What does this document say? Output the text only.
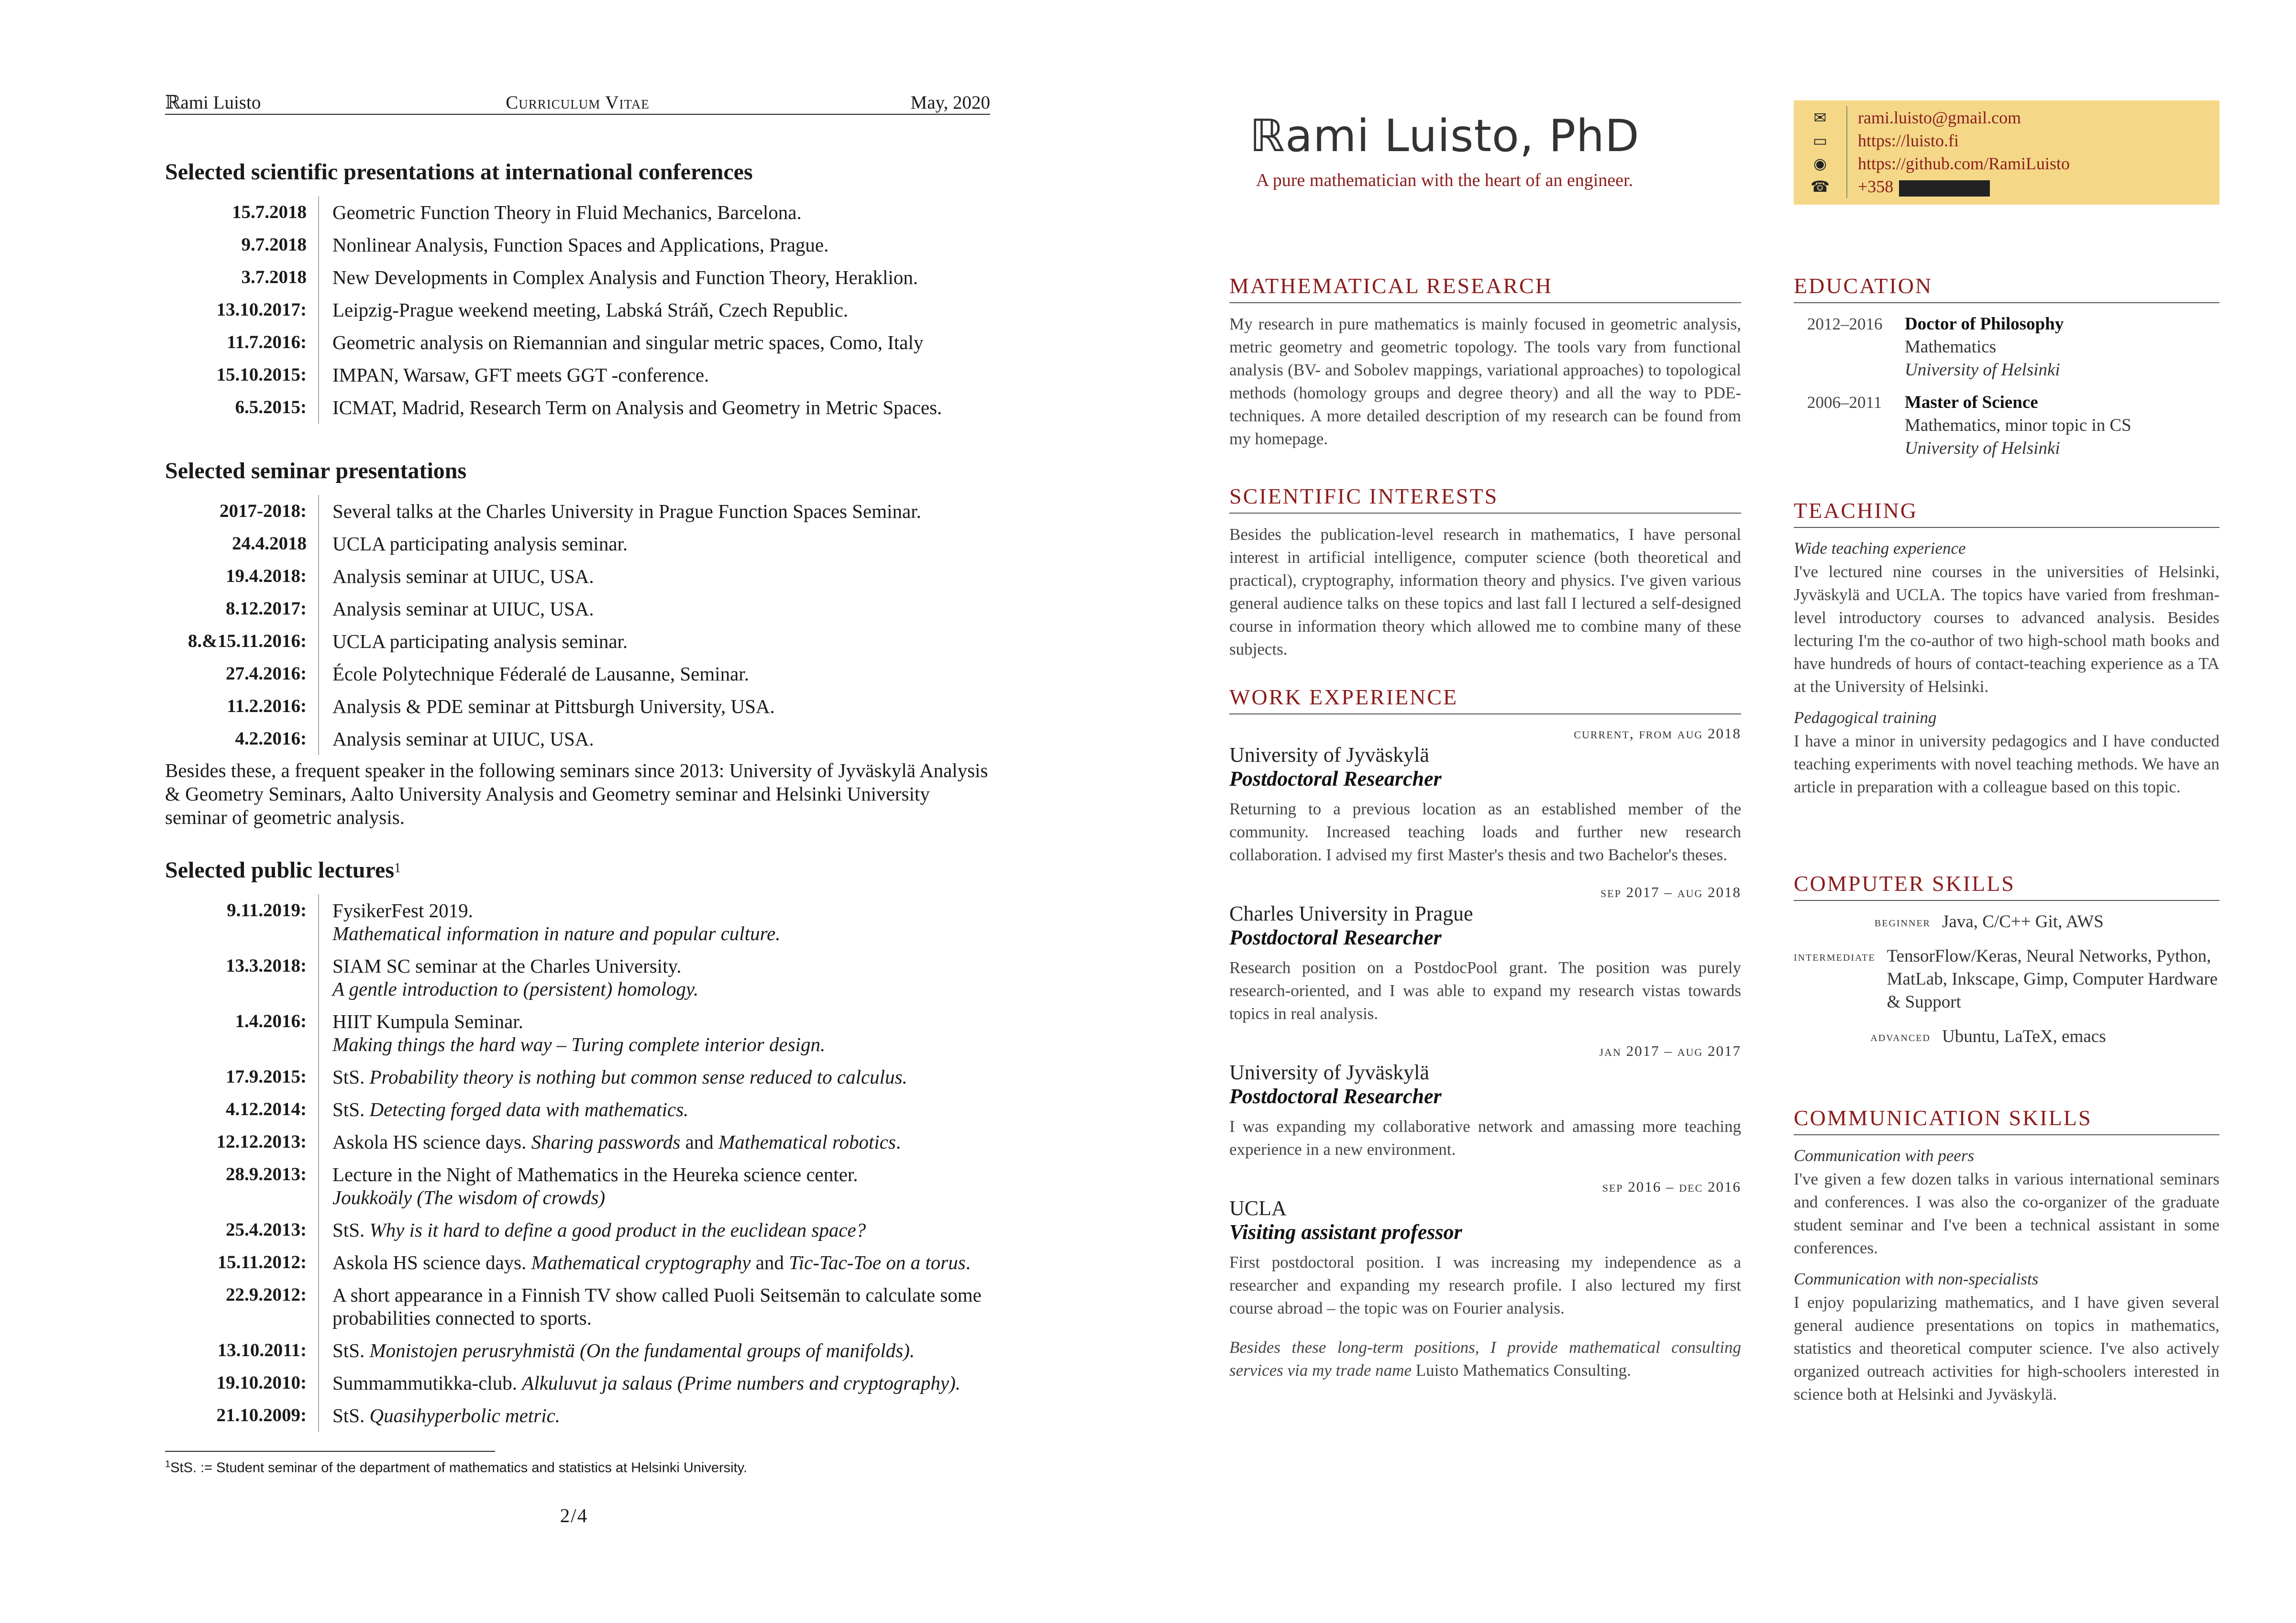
Curriculum Vitae
ℝami Luisto	May, 2020
Selected scientific presentations at international conferences
15.7.2018	Geometric Function Theory in Fluid Mechanics, Barcelona.
9.7.2018	Nonlinear Analysis, Function Spaces and Applications, Prague.
3.7.2018	New Developments in Complex Analysis and Function Theory, Heraklion.
13.10.2017:	Leipzig-Prague weekend meeting, Labská Stráň, Czech Republic.
11.7.2016:	Geometric analysis on Riemannian and singular metric spaces, Como, Italy
15.10.2015:	IMPAN, Warsaw, GFT meets GGT -conference.
6.5.2015:	ICMAT, Madrid, Research Term on Analysis and Geometry in Metric Spaces.
Selected seminar presentations
2017-2018:	Several talks at the Charles University in Prague Function Spaces Seminar.
24.4.2018	UCLA participating analysis seminar.
19.4.2018:	Analysis seminar at UIUC, USA.
8.12.2017:	Analysis seminar at UIUC, USA.
8.&15.11.2016:	UCLA participating analysis seminar.
27.4.2016:	École Polytechnique Féderalé de Lausanne, Seminar.
11.2.2016:	Analysis & PDE seminar at Pittsburgh University, USA.
4.2.2016:	Analysis seminar at UIUC, USA.

Besides these, a frequent speaker in the following seminars since 2013: University of Jyväskylä Analysis & Geometry Seminars, Aalto University Analysis and Geometry seminar and Helsinki University seminar of geometric analysis.

Selected public lectures$^1$
9.11.2019:	FysikerFest 2019.
Mathematical information in nature and popular culture.
13.3.2018:	SIAM SC seminar at the Charles University.
A gentle introduction to (persistent) homology.
1.4.2016:	HIIT Kumpula Seminar.
Making things the hard way – Turing complete interior design.
17.9.2015:	StS. Probability theory is nothing but common sense reduced to calculus.
4.12.2014:	StS. Detecting forged data with mathematics.
12.12.2013:	Askola HS science days. Sharing passwords and Mathematical robotics.
28.9.2013:	Lecture in the Night of Mathematics in the Heureka science center.
Joukkoäly (The wisdom of crowds)
25.4.2013:	StS. Why is it hard to define a good product in the euclidean space?
15.11.2012:	Askola HS science days. Mathematical cryptography and Tic-Tac-Toe on a torus.
22.9.2012:	A short appearance in a Finnish TV show called Puoli Seitsemän to calculate some probabilities connected to sports.
13.10.2011:	StS. Monistojen perusryhmistä (On the fundamental groups of manifolds).
19.10.2010:	Summammutikka-club. Alkuluvut ja salaus (Prime numbers and cryptography).
21.10.2009:	StS. Quasihyperbolic metric.
$^1$StS. := Student seminar of the department of mathematics and statistics at Helsinki University.
2/4
ℝami Luisto, PhD
A pure mathematician with the heart of an engineer.
✉	rami.luisto@gmail.com
▭	https://luisto.fi
◉	https://github.com/RamiLuisto
☎	+358
MATHEMATICAL RESEARCH

My research in pure mathematics is mainly focused in geometric analysis, metric geometry and geometric topology. The tools vary from functional analysis (BV- and Sobolev mappings, variational approaches) to topological methods (homology groups and degree theory) and all the way to PDE-techniques. A more detailed description of my research can be found from my homepage.

SCIENTIFIC INTERESTS

Besides the publication-level research in mathematics, I have personal interest in artificial intelligence, computer science (both theoretical and practical), cryptography, information theory and physics. I've given various general audience talks on these topics and last fall I lectured a self-designed course in information theory which allowed me to combine many of these subjects.

WORK EXPERIENCE
current, from aug 2018
University of Jyväskylä
Postdoctoral Researcher

Returning to a previous location as an established member of the community. Increased teaching loads and further new research collaboration. I advised my first Master's thesis and two Bachelor's theses.

sep 2017 – aug 2018
Charles University in Prague
Postdoctoral Researcher

Research position on a PostdocPool grant. The position was purely research-oriented, and I was able to expand my research vistas towards topics in real analysis.

jan 2017 – aug 2017
University of Jyväskylä
Postdoctoral Researcher

I was expanding my collaborative network and amassing more teaching experience in a new environment.

sep 2016 – dec 2016
UCLA
Visiting assistant professor

First postdoctoral position. I was increasing my independence as a researcher and expanding my research profile. I also lectured my first course abroad – the topic was on Fourier analysis.

Besides these long-term positions, I provide mathematical consulting services via my trade name Luisto Mathematics Consulting.

EDUCATION
2012–2016	Doctor of Philosophy
Mathematics
University of Helsinki
2006–2011	Master of Science
Mathematics, minor topic in CS
University of Helsinki
TEACHING

Wide teaching experience

I've lectured nine courses in the universities of Helsinki, Jyväskylä and UCLA. The topics have varied from freshman-level introductory courses to advanced analysis. Besides lecturing I'm the co-author of two high-school math books and have hundreds of hours of contact-teaching experience as a TA at the University of Helsinki.

Pedagogical training

I have a minor in university pedagogics and I have conducted teaching experiments with novel teaching methods. We have an article in preparation with a colleague based on this topic.

COMPUTER SKILLS
beginner Java, C/C++ Git, AWS
intermediate TensorFlow/Keras, Neural Networks, Python, MatLab, Inkscape, Gimp, Computer Hardware & Support
advanced Ubuntu, LaTeX, emacs
COMMUNICATION SKILLS

Communication with peers

I've given a few dozen talks in various international seminars and conferences. I was also the co-organizer of the graduate student seminar and I've been a technical assistant in some conferences.

Communication with non-specialists

I enjoy popularizing mathematics, and I have given several general audience presentations on topics in mathematics, statistics and theoretical computer science. I've also actively organized outreach activities for high-schoolers interested in science both at Helsinki and Jyväskylä.
